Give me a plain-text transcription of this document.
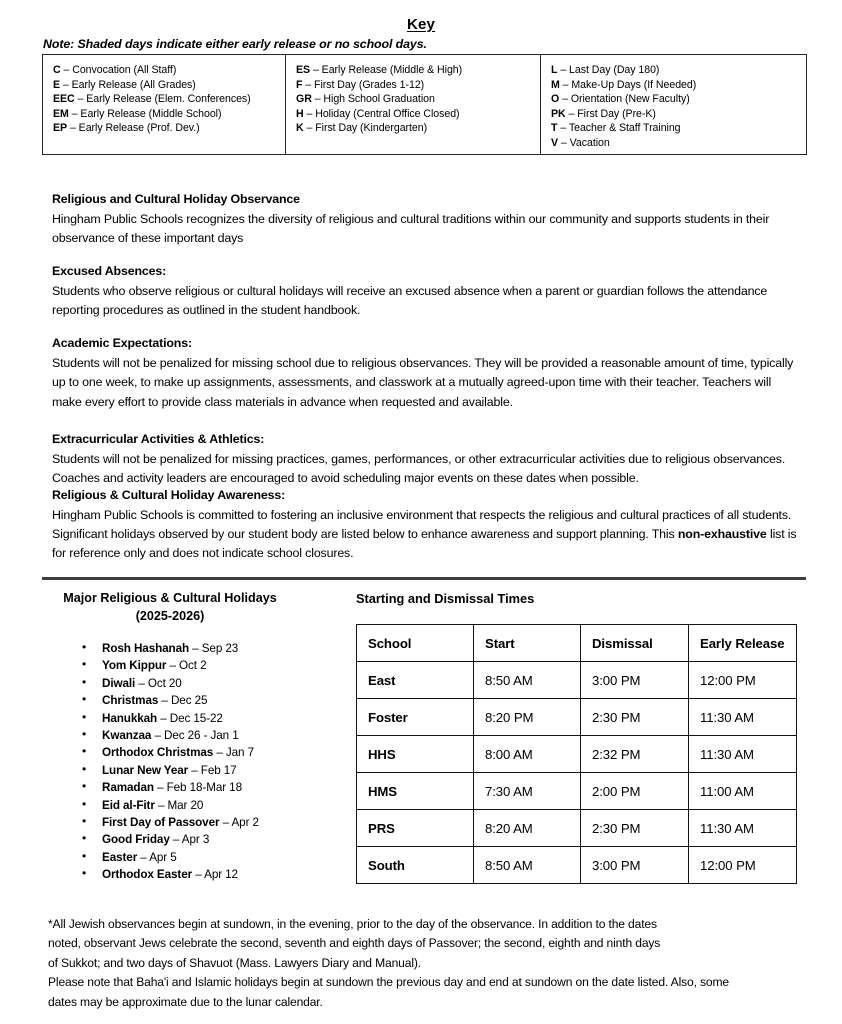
Key
Note: Shaded days indicate either early release or no school days.
C – Convocation (All Staff)
E – Early Release (All Grades)
EEC – Early Release (Elem. Conferences)
EM – Early Release (Middle School)
EP – Early Release (Prof. Dev.)
ES – Early Release (Middle & High)
F – First Day (Grades 1-12)
GR – High School Graduation
H – Holiday (Central Office Closed)
K – First Day (Kindergarten)
L – Last Day (Day 180)
M – Make-Up Days (If Needed)
O – Orientation (New Faculty)
PK – First Day (Pre-K)
T – Teacher & Staff Training
V – Vacation
Religious and Cultural Holiday Observance
Hingham Public Schools recognizes the diversity of religious and cultural traditions within our community and supports students in their observance of these important days
Excused Absences:
Students who observe religious or cultural holidays will receive an excused absence when a parent or guardian follows the attendance reporting procedures as outlined in the student handbook.
Academic Expectations:
Students will not be penalized for missing school due to religious observances. They will be provided a reasonable amount of time, typically up to one week, to make up assignments, assessments, and classwork at a mutually agreed-upon time with their teacher. Teachers will make every effort to provide class materials in advance when requested and available.
Extracurricular Activities & Athletics:
Students will not be penalized for missing practices, games, performances, or other extracurricular activities due to religious observances. Coaches and activity leaders are encouraged to avoid scheduling major events on these dates when possible.
Religious & Cultural Holiday Awareness:
Hingham Public Schools is committed to fostering an inclusive environment that respects the religious and cultural practices of all students. Significant holidays observed by our student body are listed below to enhance awareness and support planning. This non-exhaustive list is for reference only and does not indicate school closures.
Major Religious & Cultural Holidays
(2025-2026)
• Rosh Hashanah – Sep 23
• Yom Kippur – Oct 2
• Diwali – Oct 20
• Christmas – Dec 25
• Hanukkah – Dec 15-22
• Kwanzaa – Dec 26 - Jan 1
• Orthodox Christmas – Jan 7
• Lunar New Year – Feb 17
• Ramadan – Feb 18-Mar 18
• Eid al-Fitr – Mar 20
• First Day of Passover – Apr 2
• Good Friday – Apr 3
• Easter – Apr 5
• Orthodox Easter – Apr 12
Starting and Dismissal Times
School	Start	Dismissal	Early Release
East	8:50 AM	3:00 PM	12:00 PM
Foster	8:20 PM	2:30 PM	11:30 AM
HHS	8:00 AM	2:32 PM	11:30 AM
HMS	7:30 AM	2:00 PM	11:00 AM
PRS	8:20 AM	2:30 PM	11:30 AM
South	8:50 AM	3:00 PM	12:00 PM

*All Jewish observances begin at sundown, in the evening, prior to the day of the observance. In addition to the dates

noted, observant Jews celebrate the second, seventh and eighth days of Passover; the second, eighth and ninth days

of Sukkot; and two days of Shavuot (Mass. Lawyers Diary and Manual).

Please note that Baha'i and Islamic holidays begin at sundown the previous day and end at sundown on the date listed. Also, some

dates may be approximate due to the lunar calendar.
